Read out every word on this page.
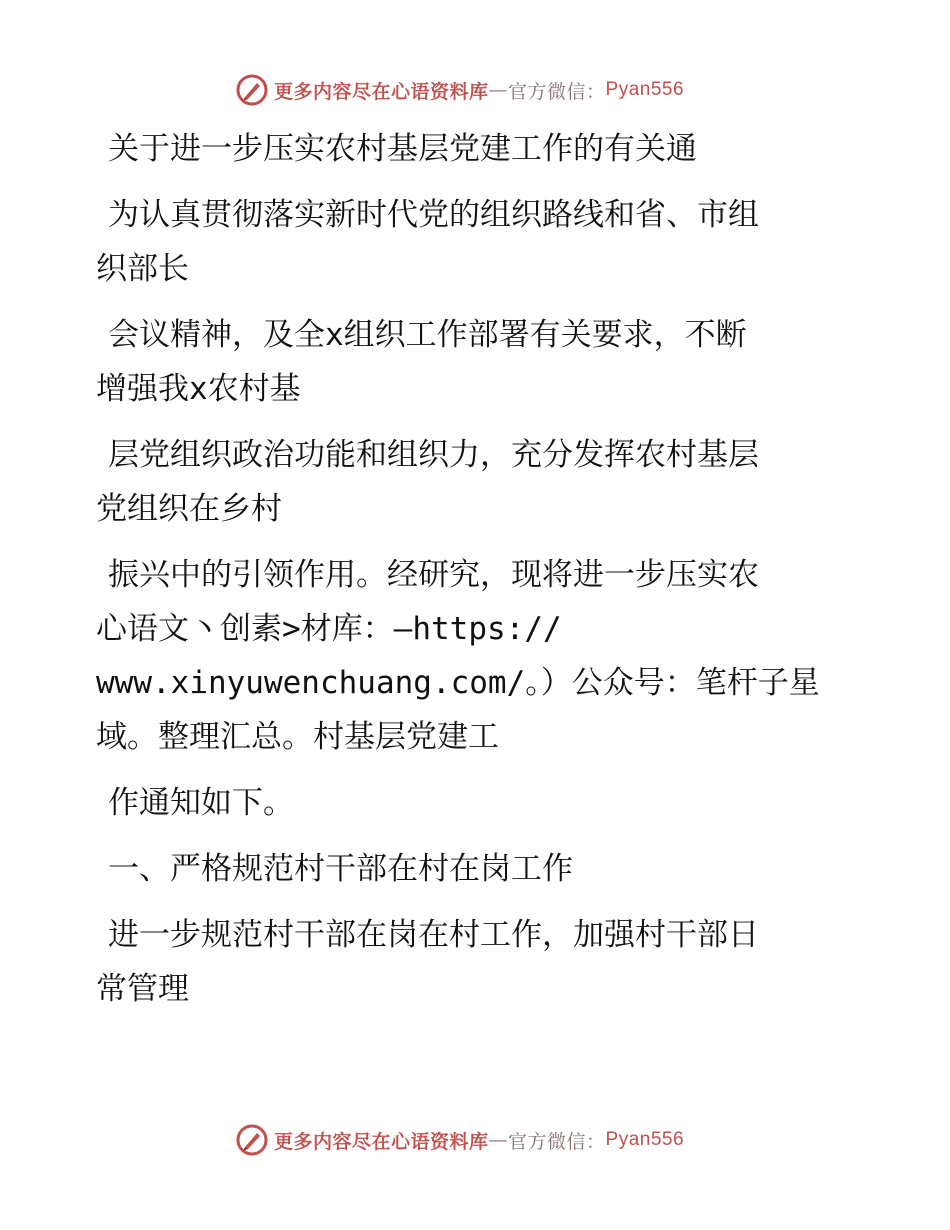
更多内容尽在心语资料库 — 官方微信： Pyan556
关于进一步压实农村基层党建工作的有关通
为认真贯彻落实新时代党的组织路线和省、市组
织部长
会议精神，及全x组织工作部署有关要求，不断
增强我x农村基
层党组织政治功能和组织力，充分发挥农村基层
党组织在乡村
振兴中的引领作用。经研究，现将进一步压实农
心语文丶创素>材库：—https://
www.xinyuwenchuang.com/。）公众号：笔杆子星
域。整理汇总。村基层党建工
作通知如下。
一、严格规范村干部在村在岗工作
进一步规范村干部在岗在村工作，加强村干部日
常管理
更多内容尽在心语资料库 — 官方微信： Pyan556
